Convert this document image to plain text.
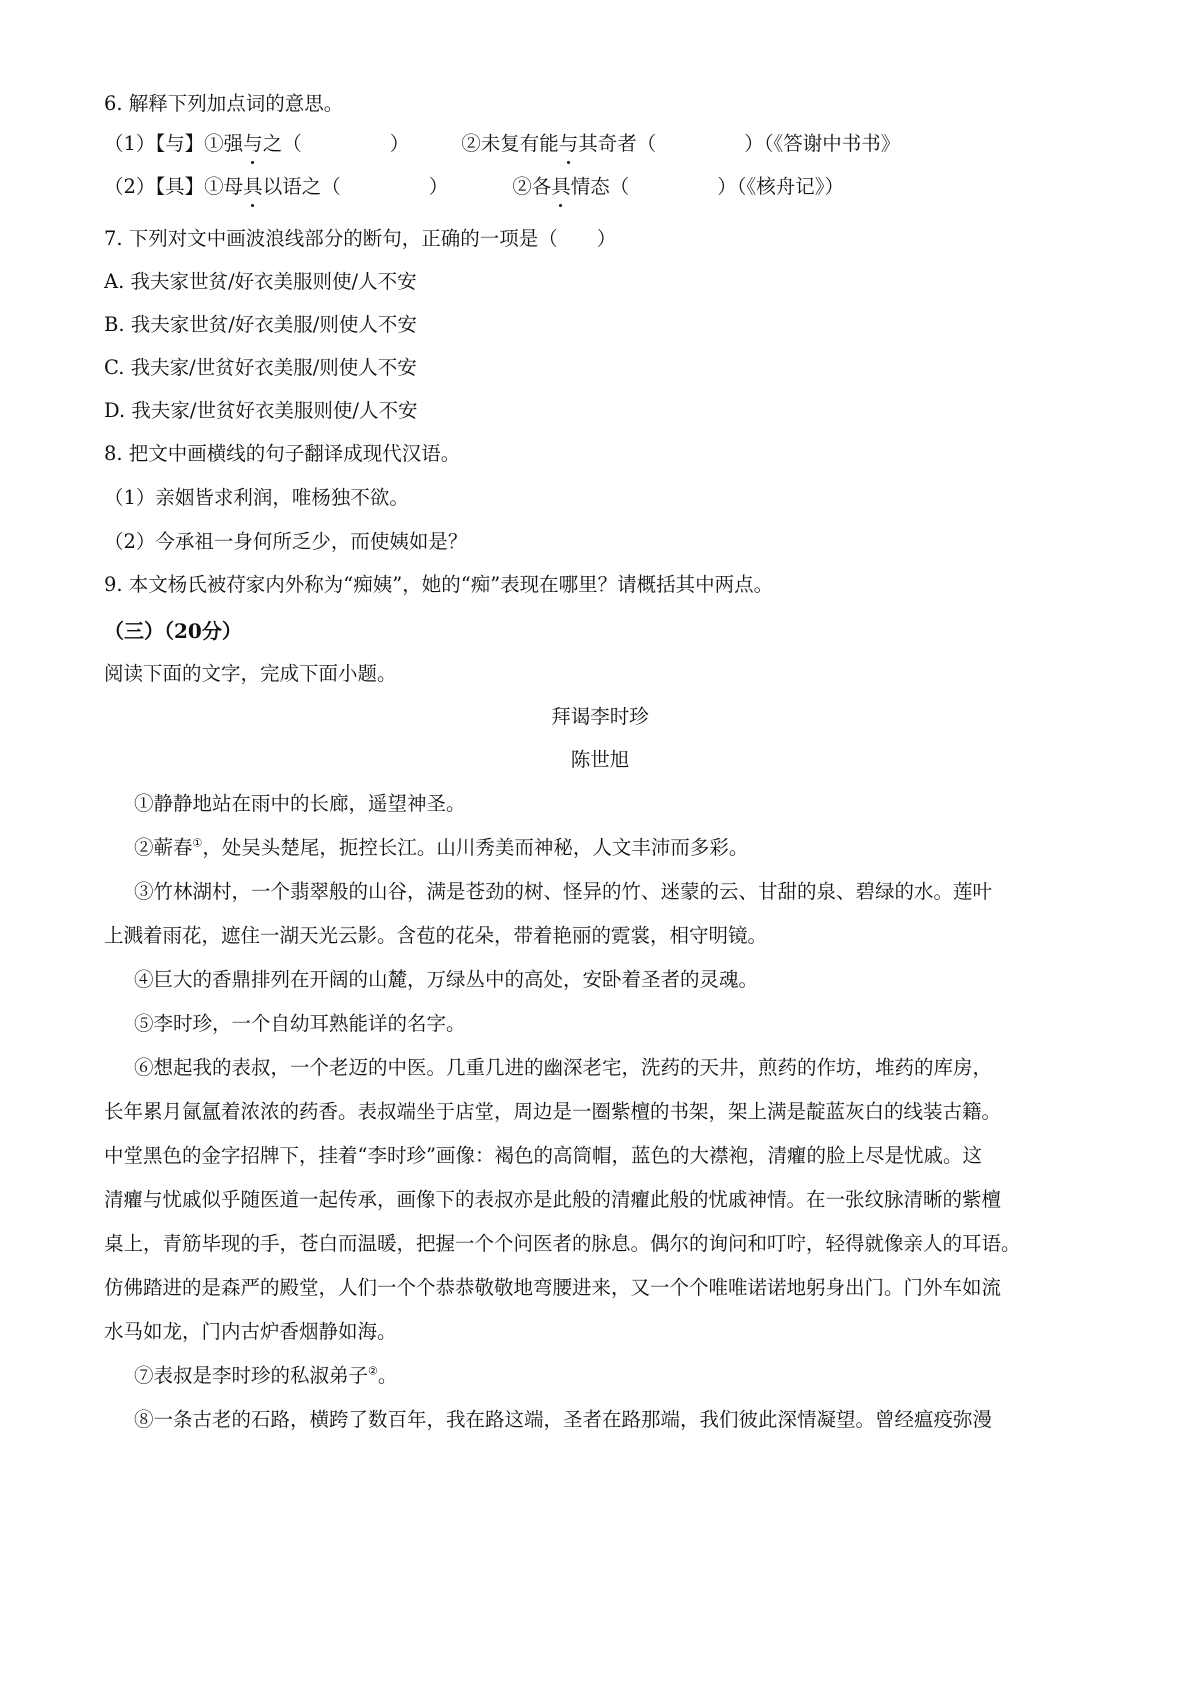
6. 解释下列加点词的意思。
（1）【与】①强与之（	）	②未复有能与其奇者（	）（《答谢中书书》
（2）【具】①母具以语之（	）	②各具情态（	）（《核舟记》）
7. 下列对文中画波浪线部分的断句，正确的一项是（　　）
A. 我夫家世贫/好衣美服则使/人不安
B. 我夫家世贫/好衣美服/则使人不安
C. 我夫家/世贫好衣美服/则使人不安
D. 我夫家/世贫好衣美服则使/人不安
8. 把文中画横线的句子翻译成现代汉语。
（1）亲姻皆求利润，唯杨独不欲。
（2）今承祖一身何所乏少，而使姨如是？
9. 本文杨氏被苻家内外称为“痴姨”，她的“痴”表现在哪里？请概括其中两点。
（三）（20分）
阅读下面的文字，完成下面小题。
拜谒李时珍
陈世旭
①静静地站在雨中的长廊，遥望神圣。
②蕲春①，处吴头楚尾，扼控长江。山川秀美而神秘，人文丰沛而多彩。
③竹林湖村，一个翡翠般的山谷，满是苍劲的树、怪异的竹、迷蒙的云、甘甜的泉、碧绿的水。莲叶
上溅着雨花，遮住一湖天光云影。含苞的花朵，带着艳丽的霓裳，相守明镜。
④巨大的香鼎排列在开阔的山麓，万绿丛中的高处，安卧着圣者的灵魂。
⑤李时珍，一个自幼耳熟能详的名字。
⑥想起我的表叔，一个老迈的中医。几重几进的幽深老宅，洗药的天井，煎药的作坊，堆药的库房，
长年累月氤氲着浓浓的药香。表叔端坐于店堂，周边是一圈紫檀的书架，架上满是靛蓝灰白的线装古籍。
中堂黑色的金字招牌下，挂着“李时珍”画像：褐色的高筒帽，蓝色的大襟袍，清癯的脸上尽是忧戚。这
清癯与忧戚似乎随医道一起传承，画像下的表叔亦是此般的清癯此般的忧戚神情。在一张纹脉清晰的紫檀
桌上，青筋毕现的手，苍白而温暖，把握一个个问医者的脉息。偶尔的询问和叮咛，轻得就像亲人的耳语。
仿佛踏进的是森严的殿堂，人们一个个恭恭敬敬地弯腰进来，又一个个唯唯诺诺地躬身出门。门外车如流
水马如龙，门内古炉香烟静如海。
⑦表叔是李时珍的私淑弟子②。
⑧一条古老的石路，横跨了数百年，我在路这端，圣者在路那端，我们彼此深情凝望。曾经瘟疫弥漫
